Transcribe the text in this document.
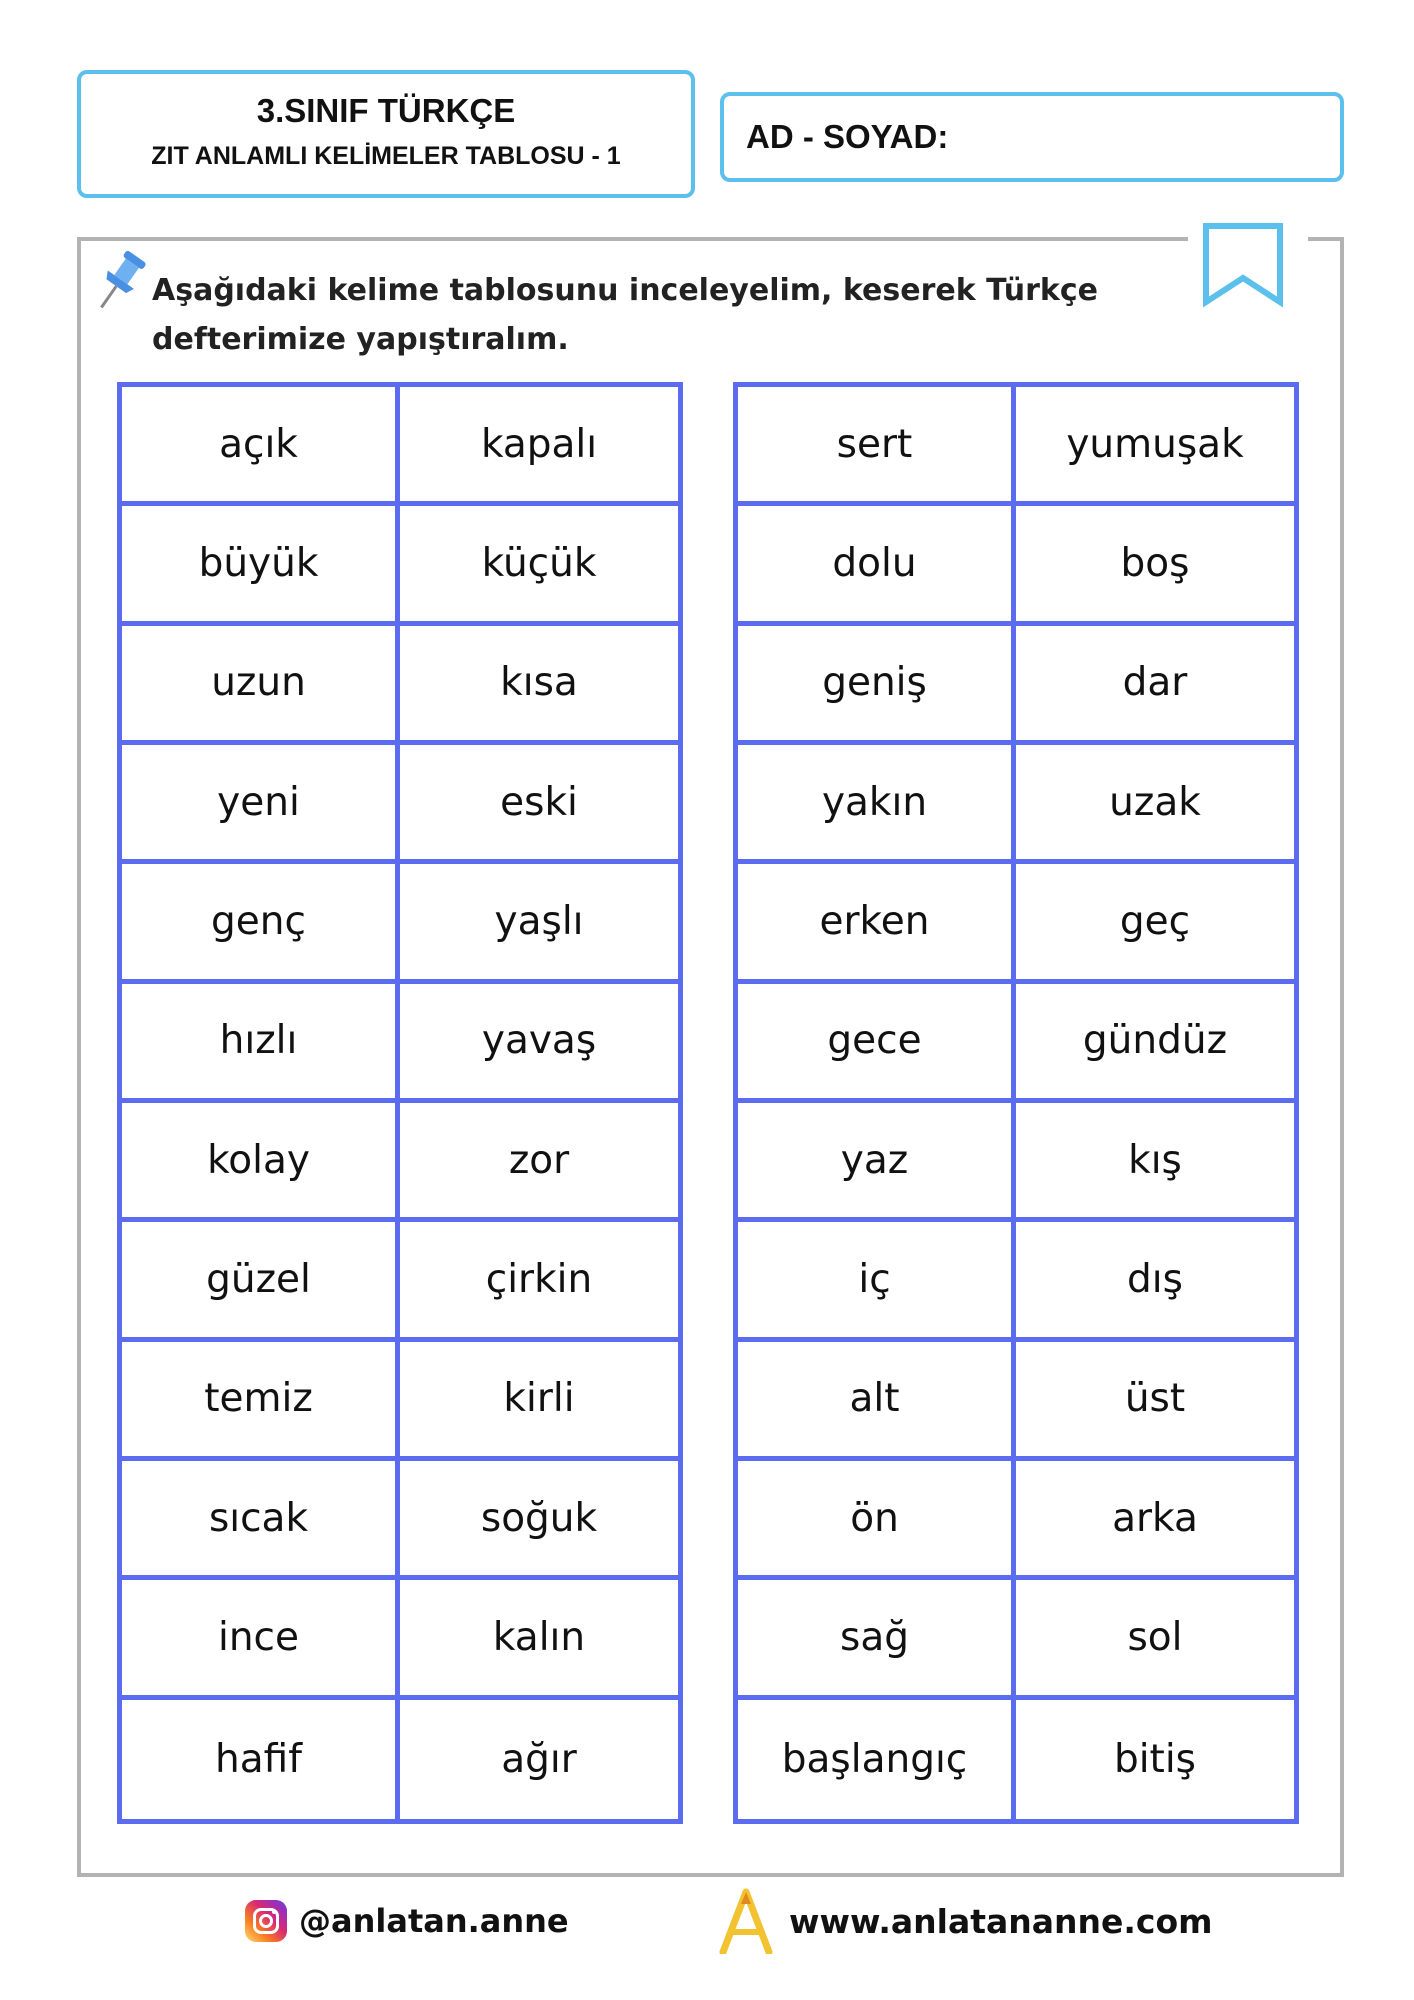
3.SINIF TÜRKÇE
ZIT ANLAMLI KELİMELER TABLOSU - 1
AD - SOYAD:
Aşağıdaki kelime tablosunu inceleyelim, keserek Türkçe
defterimize yapıştıralım.
açık	kapalı
büyük	küçük
uzun	kısa
yeni	eski
genç	yaşlı
hızlı	yavaş
kolay	zor
güzel	çirkin
temiz	kirli
sıcak	soğuk
ince	kalın
hafif	ağır
sert	yumuşak
dolu	boş
geniş	dar
yakın	uzak
erken	geç
gece	gündüz
yaz	kış
iç	dış
alt	üst
ön	arka
sağ	sol
başlangıç	bitiş
@anlatan.anne	www.anlatananne.com
